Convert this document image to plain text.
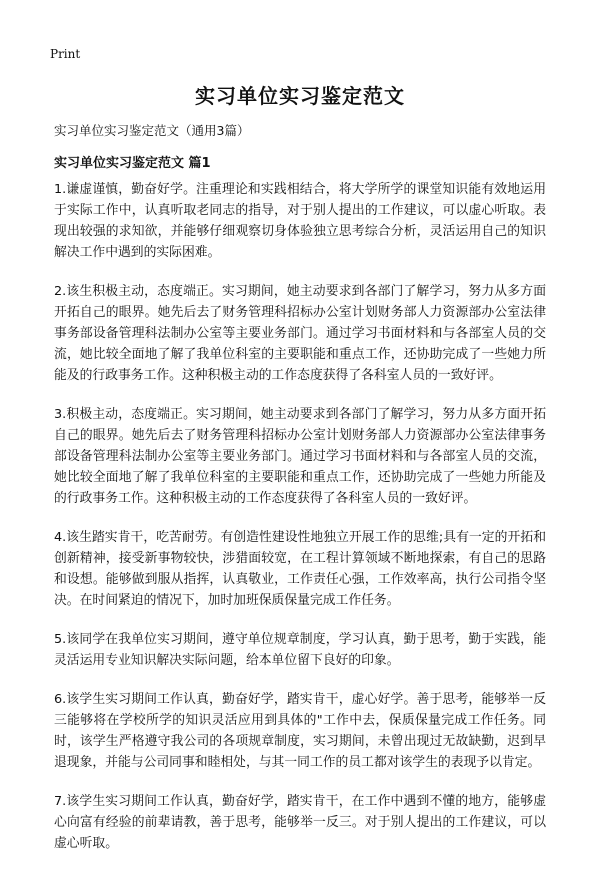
Print
实习单位实习鉴定范文
实习单位实习鉴定范文（通用3篇）
实习单位实习鉴定范文 篇1

1.谦虚谨慎，勤奋好学。注重理论和实践相结合，将大学所学的课堂知识能有效地运用于实际工作中，认真听取老同志的指导，对于别人提出的工作建议，可以虚心听取。表现出较强的求知欲，并能够仔细观察切身体验独立思考综合分析，灵活运用自己的知识解决工作中遇到的实际困难。

2.该生积极主动，态度端正。实习期间，她主动要求到各部门了解学习，努力从多方面开拓自己的眼界。她先后去了财务管理科招标办公室计划财务部人力资源部办公室法律事务部设备管理科法制办公室等主要业务部门。通过学习书面材料和与各部室人员的交流，她比较全面地了解了我单位科室的主要职能和重点工作，还协助完成了一些她力所能及的行政事务工作。这种积极主动的工作态度获得了各科室人员的一致好评。

3.积极主动，态度端正。实习期间，她主动要求到各部门了解学习，努力从多方面开拓自己的眼界。她先后去了财务管理科招标办公室计划财务部人力资源部办公室法律事务部设备管理科法制办公室等主要业务部门。通过学习书面材料和与各部室人员的交流，她比较全面地了解了我单位科室的主要职能和重点工作，还协助完成了一些她力所能及的行政事务工作。这种积极主动的工作态度获得了各科室人员的一致好评。

4.该生踏实肯干，吃苦耐劳。有创造性建设性地独立开展工作的思维;具有一定的开拓和创新精神，接受新事物较快，涉猎面较宽，在工程计算领域不断地探索，有自己的思路和设想。能够做到服从指挥，认真敬业，工作责任心强，工作效率高，执行公司指令坚决。在时间紧迫的情况下，加时加班保质保量完成工作任务。

5.该同学在我单位实习期间，遵守单位规章制度，学习认真，勤于思考，勤于实践，能灵活运用专业知识解决实际问题，给本单位留下良好的印象。

6.该学生实习期间工作认真，勤奋好学，踏实肯干，虚心好学。善于思考，能够举一反三能够将在学校所学的知识灵活应用到具体的"工作中去，保质保量完成工作任务。同时，该学生严格遵守我公司的各项规章制度，实习期间，未曾出现过无故缺勤，迟到早退现象，并能与公司同事和睦相处，与其一同工作的员工都对该学生的表现予以肯定。

7.该学生实习期间工作认真，勤奋好学，踏实肯干，在工作中遇到不懂的地方，能够虚心向富有经验的前辈请教，善于思考，能够举一反三。对于别人提出的工作建议，可以虚心听取。
